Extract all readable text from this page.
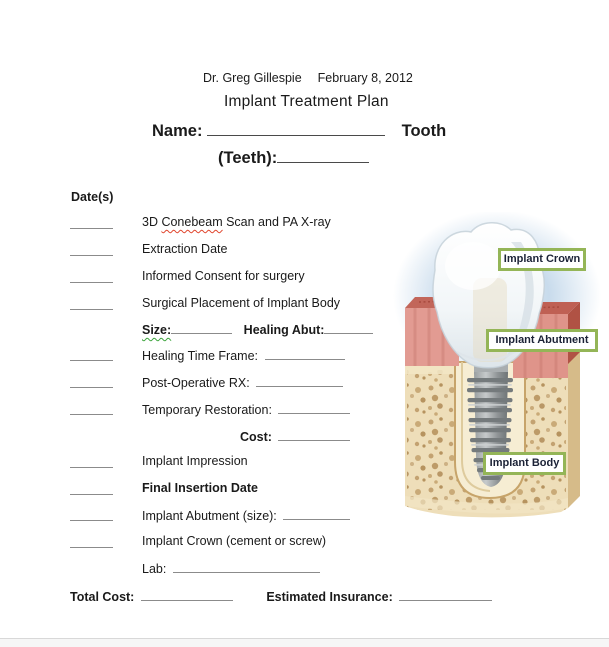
Dr. Greg Gillespie February 8, 2012
Implant Treatment Plan
Name:	Tooth
(Teeth):
Date(s)
3D Conebeam Scan and PA X-ray
Extraction Date
Informed Consent for surgery
Surgical Placement of Implant Body
Size:	Healing Abut:
Healing Time Frame:
Post-Operative RX:
Temporary Restoration:
Cost:
Implant Impression
Final Insertion Date
Implant Abutment (size):
Implant Crown (cement or screw)
Lab:
Total Cost:	Estimated Insurance:
Implant Crown
Implant Abutment
Implant Body
